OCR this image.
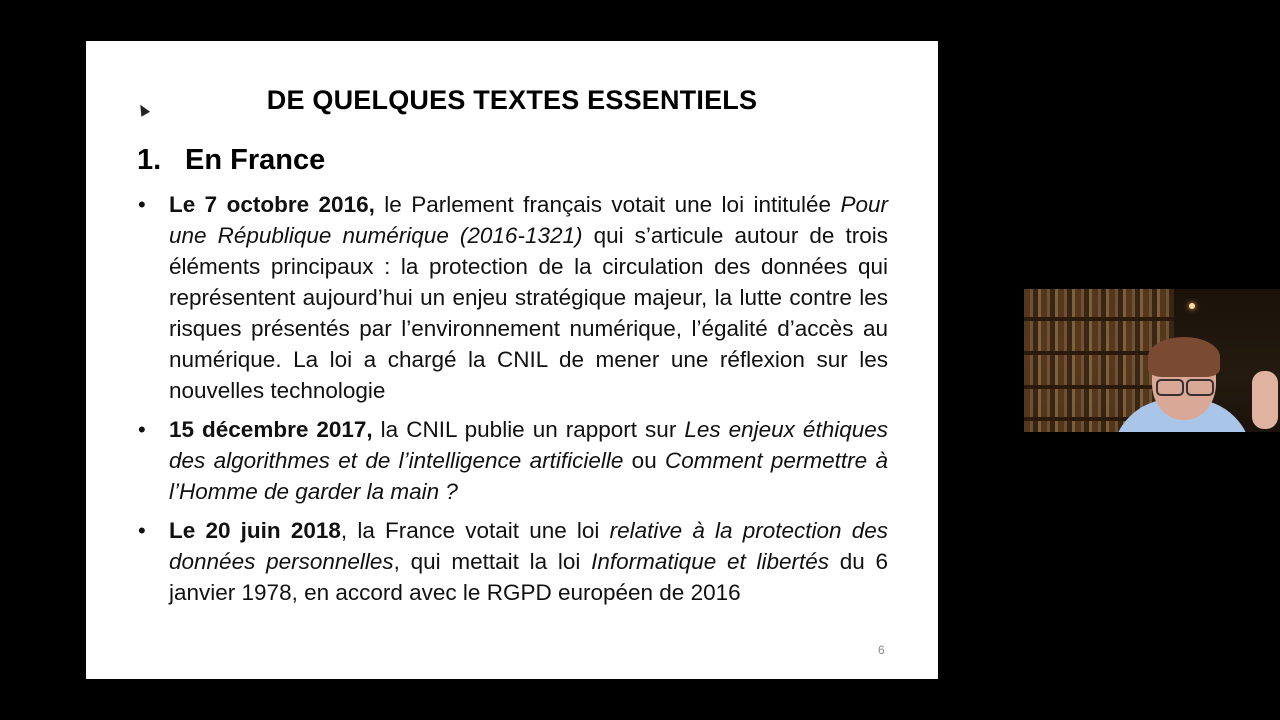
DE QUELQUES TEXTES ESSENTIELS
1. En France
• Le 7 octobre 2016, le Parlement français votait une loi intitulée Pour une République numérique (2016-1321) qui s’articule autour de trois éléments principaux : la protection de la circulation des données qui représentent aujourd’hui un enjeu stratégique majeur, la lutte contre les risques présentés par l’environnement numérique, l’égalité d’accès au numérique. La loi a chargé la CNIL de mener une réflexion sur les nouvelles technologie
• 15 décembre 2017, la CNIL publie un rapport sur Les enjeux éthiques des algorithmes et de l’intelligence artificielle ou Comment permettre à l’Homme de garder la main ?
• Le 20 juin 2018, la France votait une loi relative à la protection des données personnelles, qui mettait la loi Informatique et libertés du 6 janvier 1978, en accord avec le RGPD européen de 2016
6
